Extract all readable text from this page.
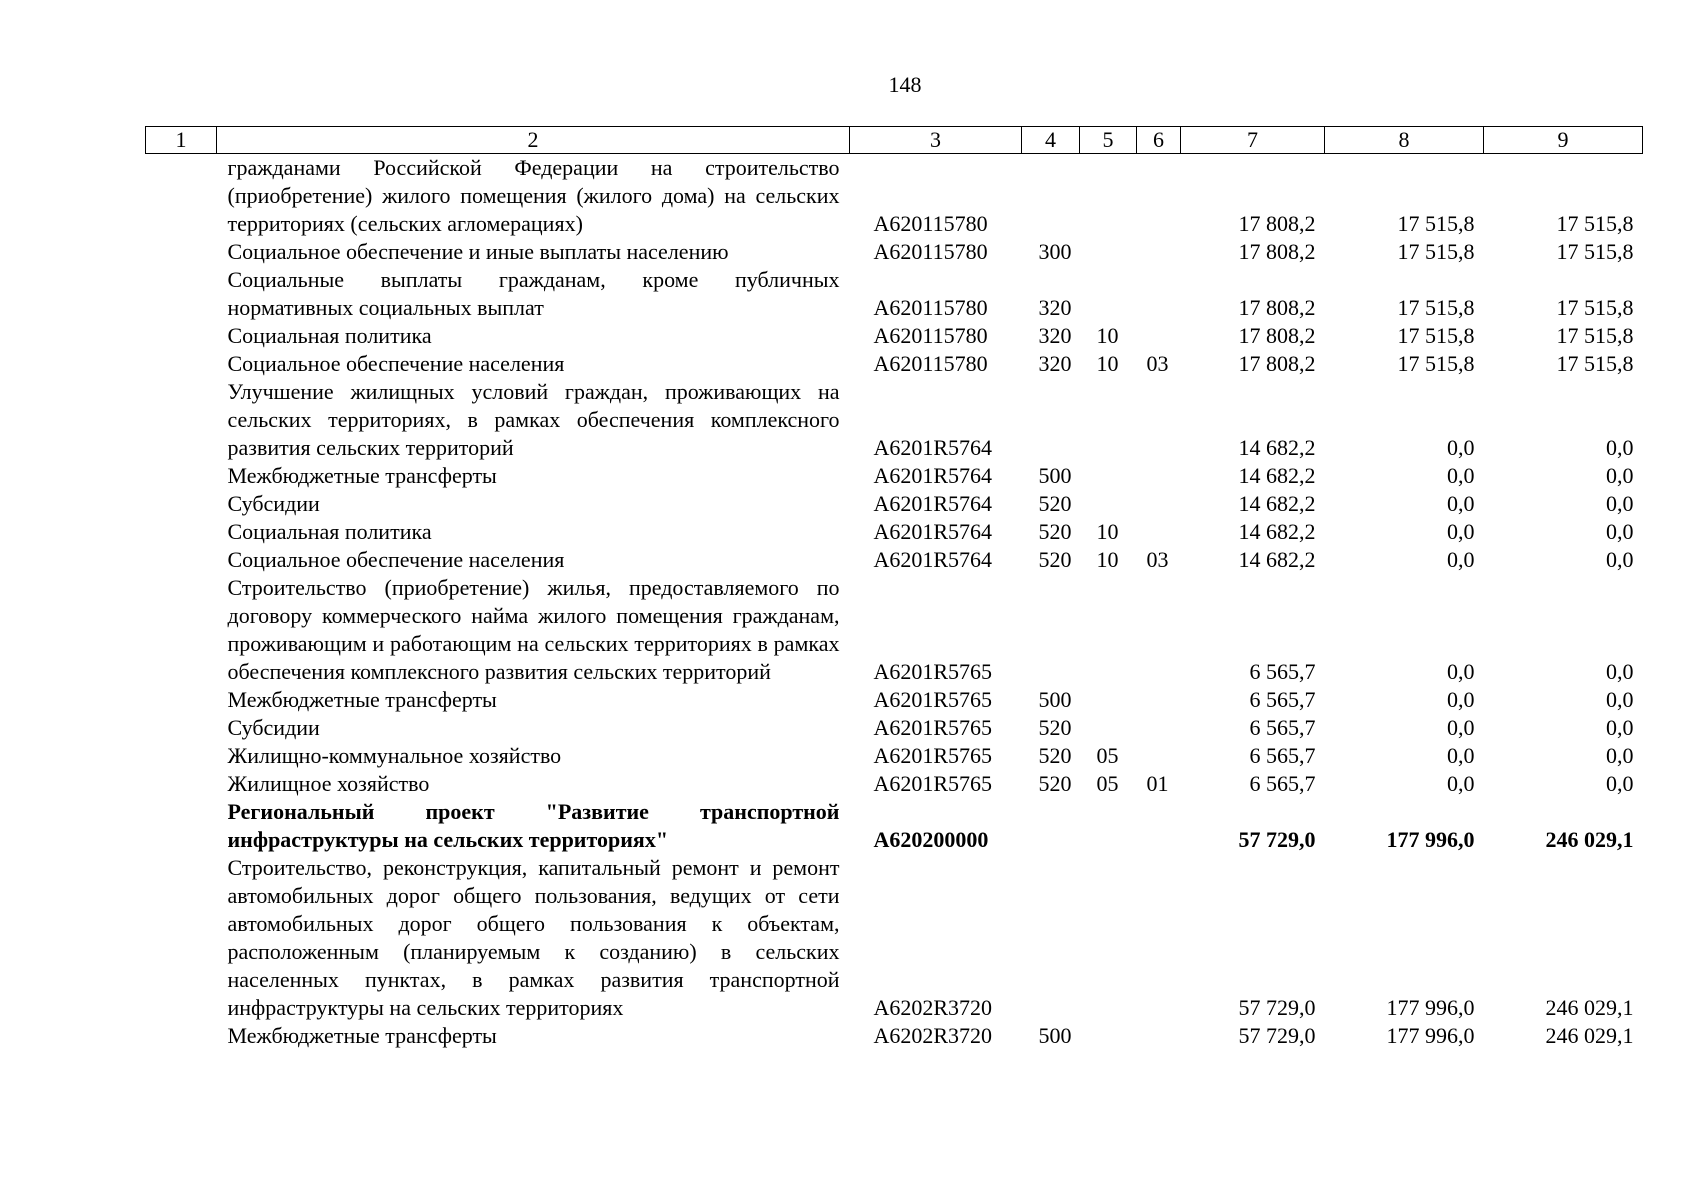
148
1	2	3	4	5	6	7	8	9
	гражданами Российской Федерации на строительство (приобретение) жилого помещения (жилого дома) на сельских территориях (сельских агломерациях)	А620115780				17 808,2	17 515,8	17 515,8
	Социальное обеспечение и иные выплаты населению	А620115780	300			17 808,2	17 515,8	17 515,8
	Социальные выплаты гражданам, кроме публичных нормативных социальных выплат	А620115780	320			17 808,2	17 515,8	17 515,8
	Социальная политика	А620115780	320	10		17 808,2	17 515,8	17 515,8
	Социальное обеспечение населения	А620115780	320	10	03	17 808,2	17 515,8	17 515,8
	Улучшение жилищных условий граждан, проживающих на сельских территориях, в рамках обеспечения комплексного развития сельских территорий	А6201R5764				14 682,2	0,0	0,0
	Межбюджетные трансферты	А6201R5764	500			14 682,2	0,0	0,0
	Субсидии	А6201R5764	520			14 682,2	0,0	0,0
	Социальная политика	А6201R5764	520	10		14 682,2	0,0	0,0
	Социальное обеспечение населения	А6201R5764	520	10	03	14 682,2	0,0	0,0
	Строительство (приобретение) жилья, предоставляемого по договору коммерческого найма жилого помещения гражданам, проживающим и работающим на сельских территориях в рамках обеспечения комплексного развития сельских территорий	А6201R5765				6 565,7	0,0	0,0
	Межбюджетные трансферты	А6201R5765	500			6 565,7	0,0	0,0
	Субсидии	А6201R5765	520			6 565,7	0,0	0,0
	Жилищно-коммунальное хозяйство	А6201R5765	520	05		6 565,7	0,0	0,0
	Жилищное хозяйство	А6201R5765	520	05	01	6 565,7	0,0	0,0
	Региональный проект "Развитие транспортной инфраструктуры на сельских территориях"	А620200000				57 729,0	177 996,0	246 029,1
	Строительство, реконструкция, капитальный ремонт и ремонт автомобильных дорог общего пользования, ведущих от сети автомобильных дорог общего пользования к объектам, расположенным (планируемым к созданию) в сельских населенных пунктах, в рамках развития транспортной инфраструктуры на сельских территориях	А6202R3720				57 729,0	177 996,0	246 029,1
	Межбюджетные трансферты	А6202R3720	500			57 729,0	177 996,0	246 029,1
